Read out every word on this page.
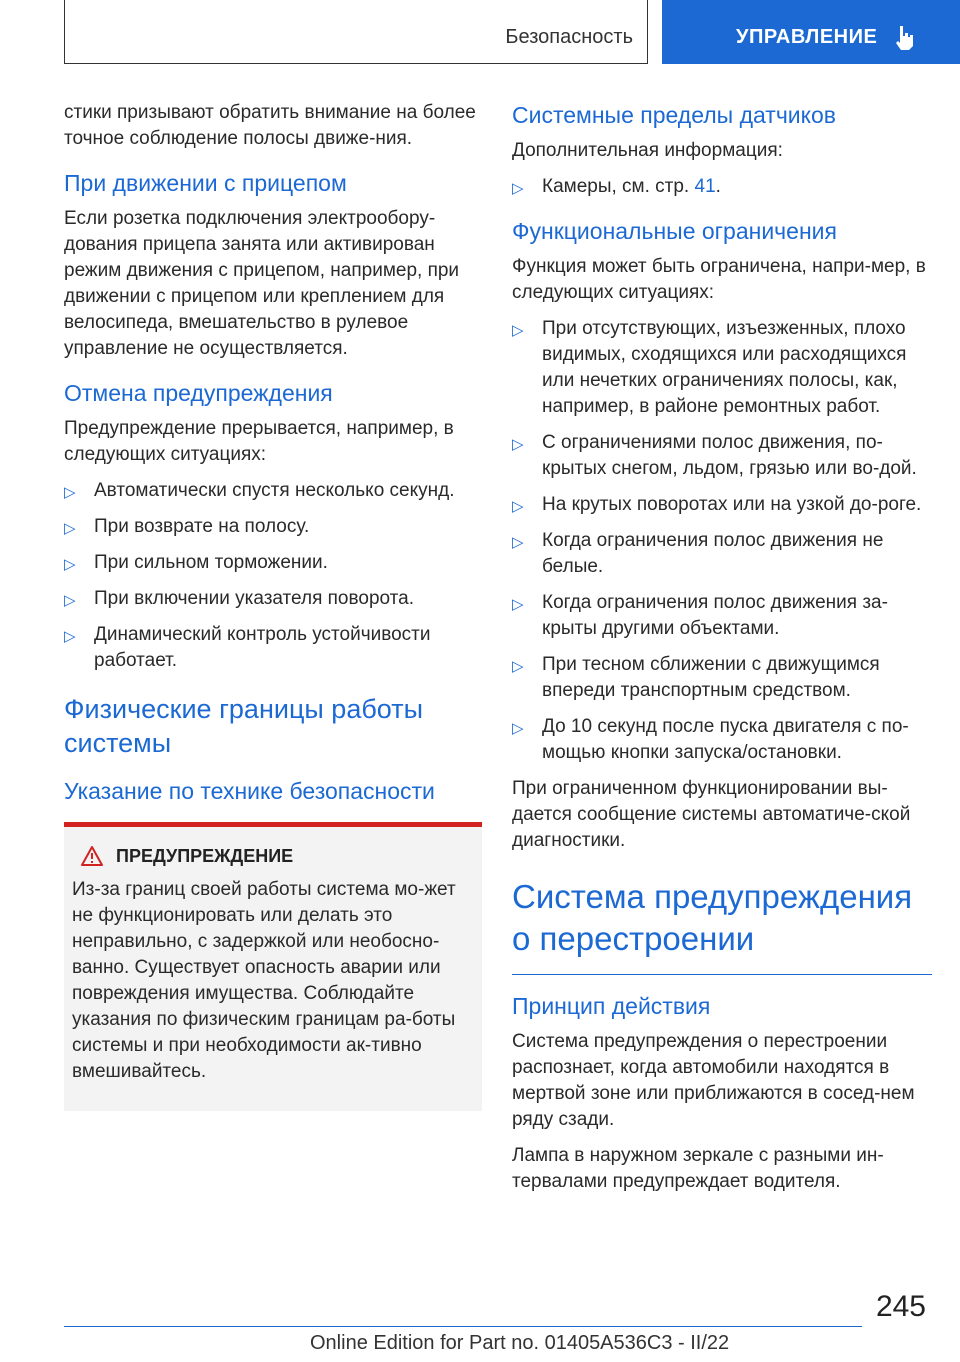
Безопасность	УПРАВЛЕНИЕ

стики призывают обратить внимание на более точное соблюдение полосы движе-ния.

При движении с прицепом

Если розетка подключения электрообору-дования прицепа занята или активирован режим движения с прицепом, например, при движении с прицепом или креплением для велосипеда, вмешательство в рулевое управление не осуществляется.

Отмена предупреждения

Предупреждение прерывается, например, в следующих ситуациях:

▷ Автоматически спустя несколько секунд.
▷ При возврате на полосу.
▷ При сильном торможении.
▷ При включении указателя поворота.
▷ Динамический контроль устойчивости работает.
Физические границы работы системы
Указание по технике безопасности
ПРЕДУПРЕЖДЕНИЕ

Из-за границ своей работы система мо-жет не функционировать или делать это неправильно, с задержкой или необосно-ванно. Существует опасность аварии или повреждения имущества. Соблюдайте указания по физическим границам ра-боты системы и при необходимости ак-тивно вмешивайтесь.

Системные пределы датчиков

Дополнительная информация:

▷ Камеры, см. стр. 41.
Функциональные ограничения

Функция может быть ограничена, напри-мер, в следующих ситуациях:

▷ При отсутствующих, изъезженных, плохо видимых, сходящихся или расходящихся или нечетких ограничениях полосы, как, например, в районе ремонтных работ.
▷ С ограничениями полос движения, по-крытых снегом, льдом, грязью или во-дой.
▷ На крутых поворотах или на узкой до-роге.
▷ Когда ограничения полос движения не белые.
▷ Когда ограничения полос движения за-крыты другими объектами.
▷ При тесном сближении с движущимся впереди транспортным средством.
▷ До 10 секунд после пуска двигателя с по-мощью кнопки запуска/остановки.

При ограниченном функционировании вы-дается сообщение системы автоматиче-ской диагностики.

Система предупреждения о перестроении
Принцип действия

Система предупреждения о перестроении распознает, когда автомобили находятся в мертвой зоне или приближаются в сосед-нем ряду сзади.

Лампа в наружном зеркале с разными ин-тервалами предупреждает водителя.

245
Online Edition for Part no. 01405A536C3 - II/22
